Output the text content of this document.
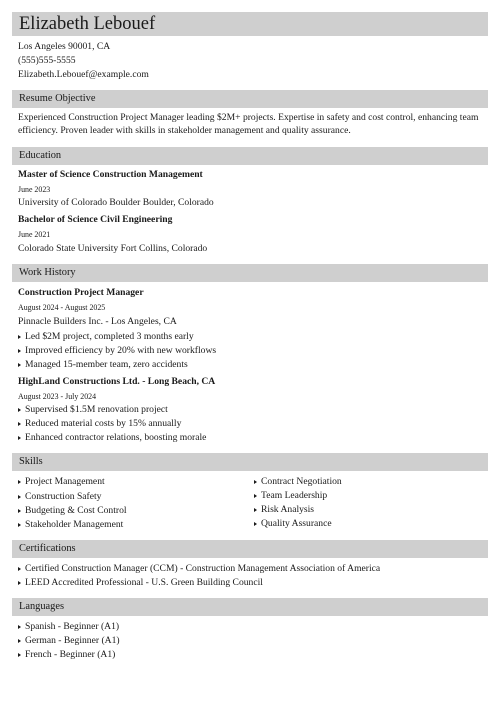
Elizabeth Lebouef
Los Angeles 90001, CA
(555)555-5555
Elizabeth.Lebouef@example.com
Resume Objective
Experienced Construction Project Manager leading $2M+ projects. Expertise in safety and cost control, enhancing team efficiency. Proven leader with skills in stakeholder management and quality assurance.
Education
Master of Science Construction Management
June 2023
University of Colorado Boulder Boulder, Colorado
Bachelor of Science Civil Engineering
June 2021
Colorado State University Fort Collins, Colorado
Work History
Construction Project Manager
August 2024 - August 2025
Pinnacle Builders Inc. - Los Angeles, CA
Led $2M project, completed 3 months early
Improved efficiency by 20% with new workflows
Managed 15-member team, zero accidents
HighLand Constructions Ltd. - Long Beach, CA
August 2023 - July 2024
Supervised $1.5M renovation project
Reduced material costs by 15% annually
Enhanced contractor relations, boosting morale
Skills
Project Management
Construction Safety
Budgeting & Cost Control
Stakeholder Management
Contract Negotiation
Team Leadership
Risk Analysis
Quality Assurance
Certifications
Certified Construction Manager (CCM) - Construction Management Association of America
LEED Accredited Professional - U.S. Green Building Council
Languages
Spanish - Beginner (A1)
German - Beginner (A1)
French - Beginner (A1)
